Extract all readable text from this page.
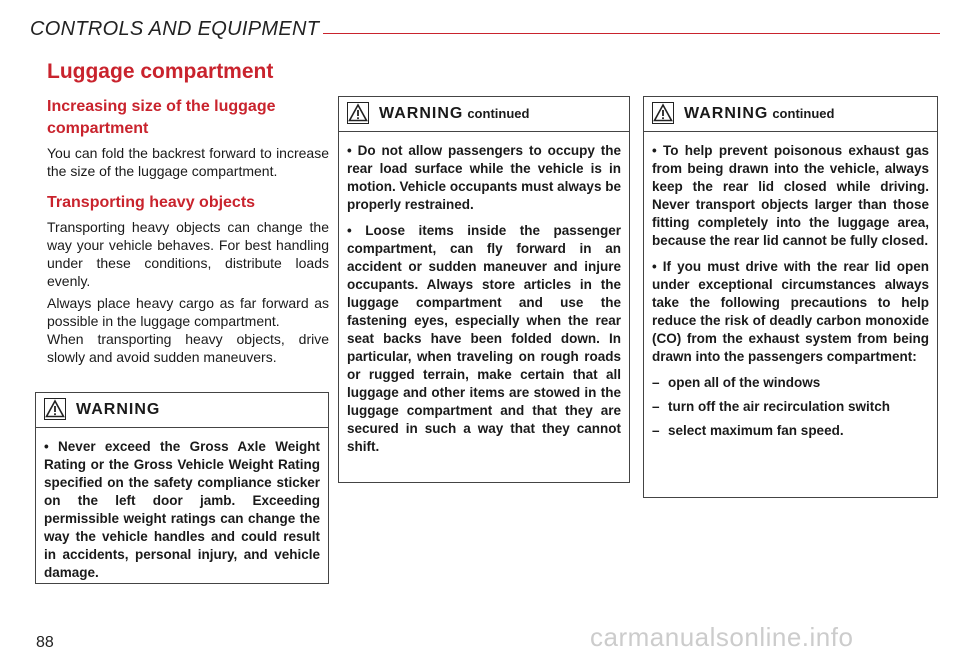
CONTROLS AND EQUIPMENT
Luggage compartment
Increasing size of the luggage compartment

You can fold the backrest forward to increase the size of the luggage compartment.

Transporting heavy objects

Transporting heavy objects can change the way your vehicle behaves. For best handling under these conditions, distribute loads evenly.

Always place heavy cargo as far forward as possible in the luggage compartment.

When transporting heavy objects, drive slowly and avoid sudden maneuvers.

WARNING

• Never exceed the Gross Axle Weight Rating or the Gross Vehicle Weight Rating specified on the safety compliance sticker on the left door jamb. Exceeding permissible weight ratings can change the way the vehicle handles and could result in accidents, personal injury, and vehicle damage.

WARNING continued

• Do not allow passengers to occupy the rear load surface while the vehicle is in motion. Vehicle occupants must always be properly restrained.

• Loose items inside the passenger compartment, can fly forward in an accident or sudden maneuver and injure occupants. Always store articles in the luggage compartment and use the fastening eyes, especially when the rear seat backs have been folded down. In particular, when traveling on rough roads or rugged terrain, make certain that all luggage and other items are stowed in the luggage compartment and that they are secured in such a way that they cannot shift.

WARNING continued

• To help prevent poisonous exhaust gas from being drawn into the vehicle, always keep the rear lid closed while driving. Never transport objects larger than those fitting completely into the luggage area, because the rear lid cannot be fully closed.

• If you must drive with the rear lid open under exceptional circumstances always take the following precautions to help reduce the risk of deadly carbon monoxide (CO) from the exhaust system from being drawn into the passengers compartment:

– open all of the windows
– turn off the air recirculation switch
– select maximum fan speed.
88	carmanualsonline.info
